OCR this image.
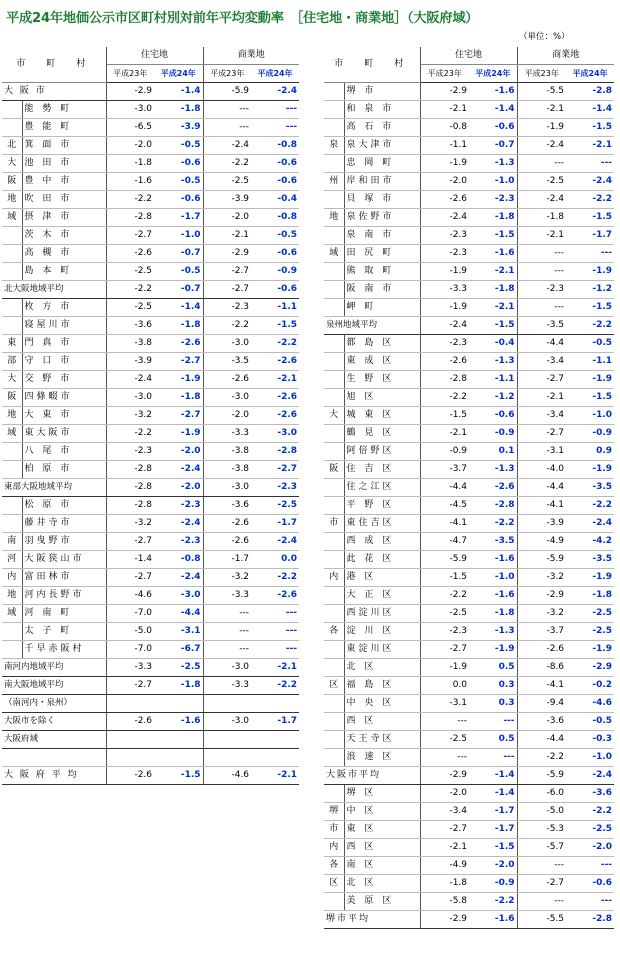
平成24年地価公示市区町村別対前年平均変動率　［住宅地・商業地］（大阪府域）
（単位：%）
市　町　村		住宅地		商業地	
		平成23年	平成24年	平成23年	平成24年
大 阪 市		-2.9	-1.4	-5.9	-2.4
	能 勢 町	-3.0	-1.8	---	---
	豊 能 町	-6.5	-3.9	---	---
北	箕 面 市	-2.0	-0.5	-2.4	-0.8
大	池 田 市	-1.8	-0.6	-2.2	-0.6
阪	豊 中 市	-1.6	-0.5	-2.5	-0.6
地	吹 田 市	-2.2	-0.6	-3.9	-0.4
域	摂 津 市	-2.8	-1.7	-2.0	-0.8
	茨 木 市	-2.7	-1.0	-2.1	-0.5
	高 槻 市	-2.6	-0.7	-2.9	-0.6
	島 本 町	-2.5	-0.5	-2.7	-0.9
北大阪地域平均		-2.2	-0.7	-2.7	-0.6
	枚 方 市	-2.5	-1.4	-2.3	-1.1
	寝屋川市	-3.6	-1.8	-2.2	-1.5
東	門 真 市	-3.8	-2.6	-3.0	-2.2
部	守 口 市	-3.9	-2.7	-3.5	-2.6
大	交 野 市	-2.4	-1.9	-2.6	-2.1
阪	四條畷市	-3.0	-1.8	-3.0	-2.6
地	大 東 市	-3.2	-2.7	-2.0	-2.6
域	東大阪市	-2.2	-1.9	-3.3	-3.0
	八 尾 市	-2.3	-2.0	-3.8	-2.8
	柏 原 市	-2.8	-2.4	-3.8	-2.7
東部大阪地域平均		-2.8	-2.0	-3.0	-2.3
	松 原 市	-2.8	-2.3	-3.6	-2.5
	藤井寺市	-3.2	-2.4	-2.6	-1.7
南	羽曳野市	-2.7	-2.3	-2.6	-2.4
河	大阪狭山市	-1.4	-0.8	-1.7	0.0
内	富田林市	-2.7	-2.4	-3.2	-2.2
地	河内長野市	-4.6	-3.0	-3.3	-2.6
域	河 南 町	-7.0	-4.4	---	---
	太 子 町	-5.0	-3.1	---	---
	千早赤阪村	-7.0	-6.7	---	---
南河内地域平均		-3.3	-2.5	-3.0	-2.1
南大阪地域平均		-2.7	-1.8	-3.3	-2.2
（南河内・泉州）					
大阪市を除く		-2.6	-1.6	-3.0	-1.7
大阪府域					

大 阪 府 平 均		-2.6	-1.5	-4.6	-2.1
市　町　村		住宅地		商業地	
		平成23年	平成24年	平成23年	平成24年
	堺 市	-2.9	-1.6	-5.5	-2.8
	和 泉 市	-2.1	-1.4	-2.1	-1.4
	高 石 市	-0.8	-0.6	-1.9	-1.5
泉	泉大津市	-1.1	-0.7	-2.4	-2.1
	忠 岡 町	-1.9	-1.3	---	---
州	岸和田市	-2.0	-1.0	-2.5	-2.4
	貝 塚 市	-2.6	-2.3	-2.4	-2.2
地	泉佐野市	-2.4	-1.8	-1.8	-1.5
	泉 南 市	-2.3	-1.5	-2.1	-1.7
域	田 尻 町	-2.3	-1.6	---	---
	熊 取 町	-1.9	-2.1	---	-1.9
	阪 南 市	-3.3	-1.8	-2.3	-1.2
	岬 町	-1.9	-2.1	---	-1.5
泉州地域平均		-2.4	-1.5	-3.5	-2.2
	都 島 区	-2.3	-0.4	-4.4	-0.5
	東 成 区	-2.6	-1.3	-3.4	-1.1
	生 野 区	-2.8	-1.1	-2.7	-1.9
	旭 区	-2.2	-1.2	-2.1	-1.5
大	城 東 区	-1.5	-0.6	-3.4	-1.0
	鶴 見 区	-2.1	-0.9	-2.7	-0.9
	阿倍野区	-0.9	0.1	-3.1	0.9
阪	住 吉 区	-3.7	-1.3	-4.0	-1.9
	住之江区	-4.4	-2.6	-4.4	-3.5
	平 野 区	-4.5	-2.8	-4.1	-2.2
市	東住吉区	-4.1	-2.2	-3.9	-2.4
	西 成 区	-4.7	-3.5	-4.9	-4.2
	此 花 区	-5.9	-1.6	-5.9	-3.5
内	港 区	-1.5	-1.0	-3.2	-1.9
	大 正 区	-2.2	-1.6	-2.9	-1.8
	西淀川区	-2.5	-1.8	-3.2	-2.5
各	淀 川 区	-2.3	-1.3	-3.7	-2.5
	東淀川区	-2.7	-1.9	-2.6	-1.9
	北 区	-1.9	0.5	-8.6	-2.9
区	福 島 区	0.0	0.3	-4.1	-0.2
	中 央 区	-3.1	0.3	-9.4	-4.6
	西 区	---	---	-3.6	-0.5
	天王寺区	-2.5	0.5	-4.4	-0.3
	浪 速 区	---	---	-2.2	-1.0
大阪市平均		-2.9	-1.4	-5.9	-2.4
	堺 区	-2.0	-1.4	-6.0	-3.6
堺	中 区	-3.4	-1.7	-5.0	-2.2
市	東 区	-2.7	-1.7	-5.3	-2.5
内	西 区	-2.1	-1.5	-5.7	-2.0
各	南 区	-4.9	-2.0	---	---
区	北 区	-1.8	-0.9	-2.7	-0.6
	美 原 区	-5.8	-2.2	---	---
堺市平均		-2.9	-1.6	-5.5	-2.8
